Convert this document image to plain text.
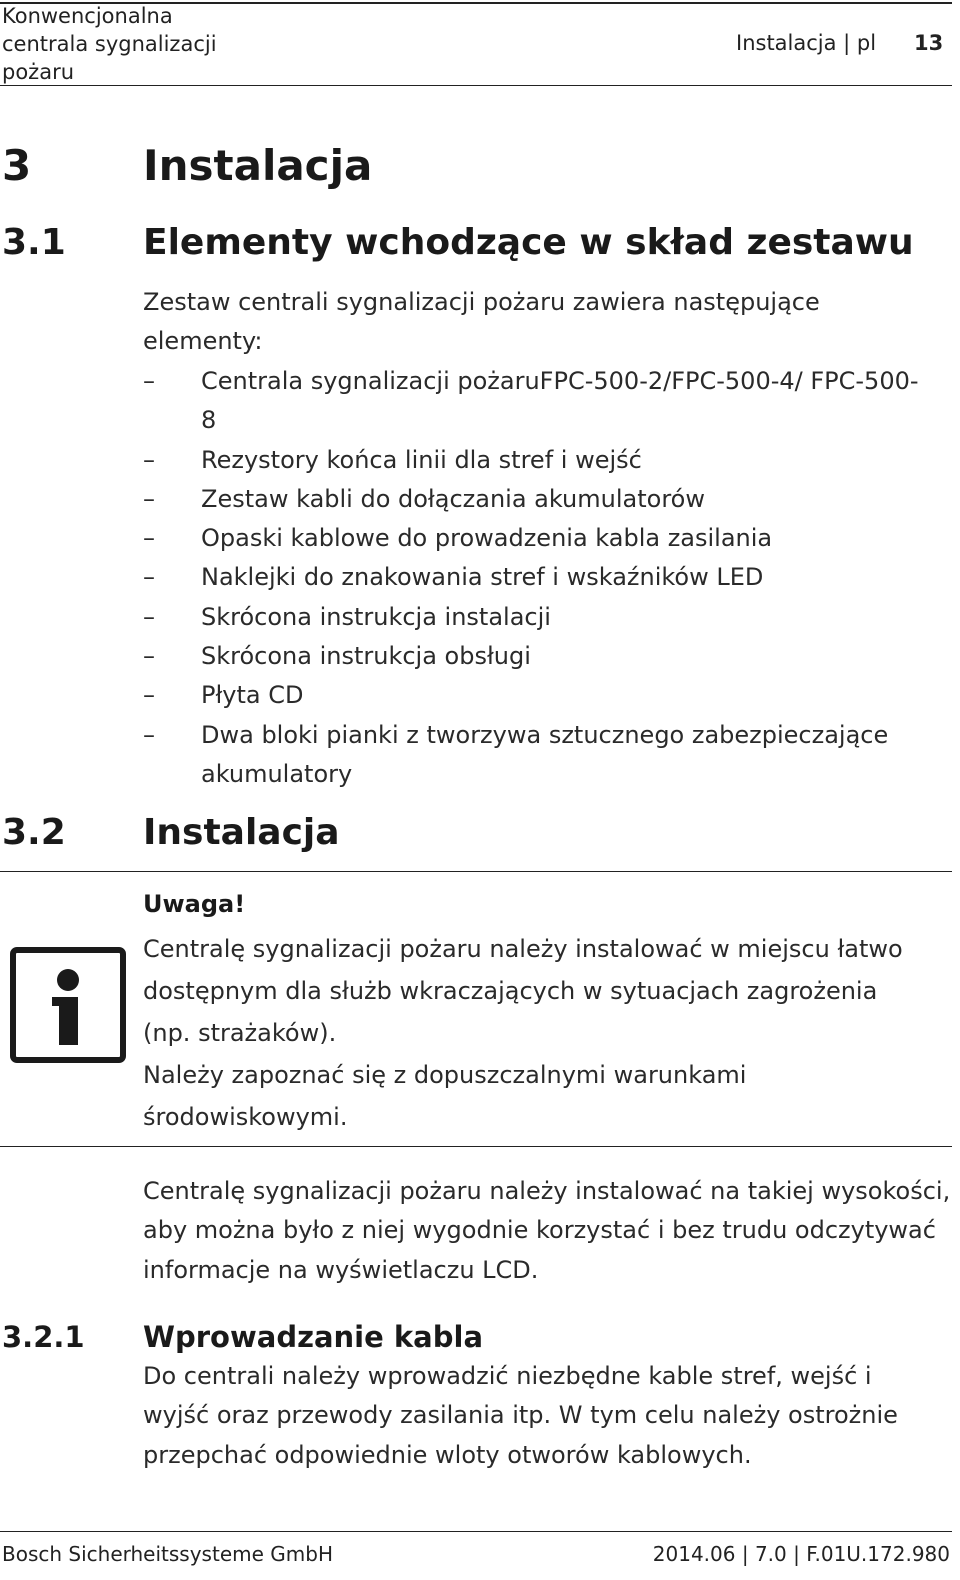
Konwencjonalna
centrala sygnalizacji
pożaru
Instalacja | pl 13
3	Instalacja
3.1 Elementy wchodzące w skład zestawu
Zestaw centrali sygnalizacji pożaru zawiera następujące elementy:
– Centrala sygnalizacji pożaruFPC-500-2/FPC-500-4/ FPC-500-8
– Rezystory końca linii dla stref i wejść
– Zestaw kabli do dołączania akumulatorów
– Opaski kablowe do prowadzenia kabla zasilania
– Naklejki do znakowania stref i wskaźników LED
– Skrócona instrukcja instalacji
– Skrócona instrukcja obsługi
– Płyta CD
– Dwa bloki pianki z tworzywa sztucznego zabezpieczające akumulatory
3.2 Instalacja
Uwaga!
Centralę sygnalizacji pożaru należy instalować w miejscu łatwo
dostępnym dla służb wkraczających w sytuacjach zagrożenia
(np. strażaków).
Należy zapoznać się z dopuszczalnymi warunkami
środowiskowymi.
Centralę sygnalizacji pożaru należy instalować na takiej wysokości, aby można było z niej wygodnie korzystać i bez trudu odczytywać informacje na wyświetlaczu LCD.
3.2.1 Wprowadzanie kabla
Do centrali należy wprowadzić niezbędne kable stref, wejść i wyjść oraz przewody zasilania itp. W tym celu należy ostrożnie przepchać odpowiednie wloty otworów kablowych.
Bosch Sicherheitssysteme GmbH	2014.06 | 7.0 | F.01U.172.980
